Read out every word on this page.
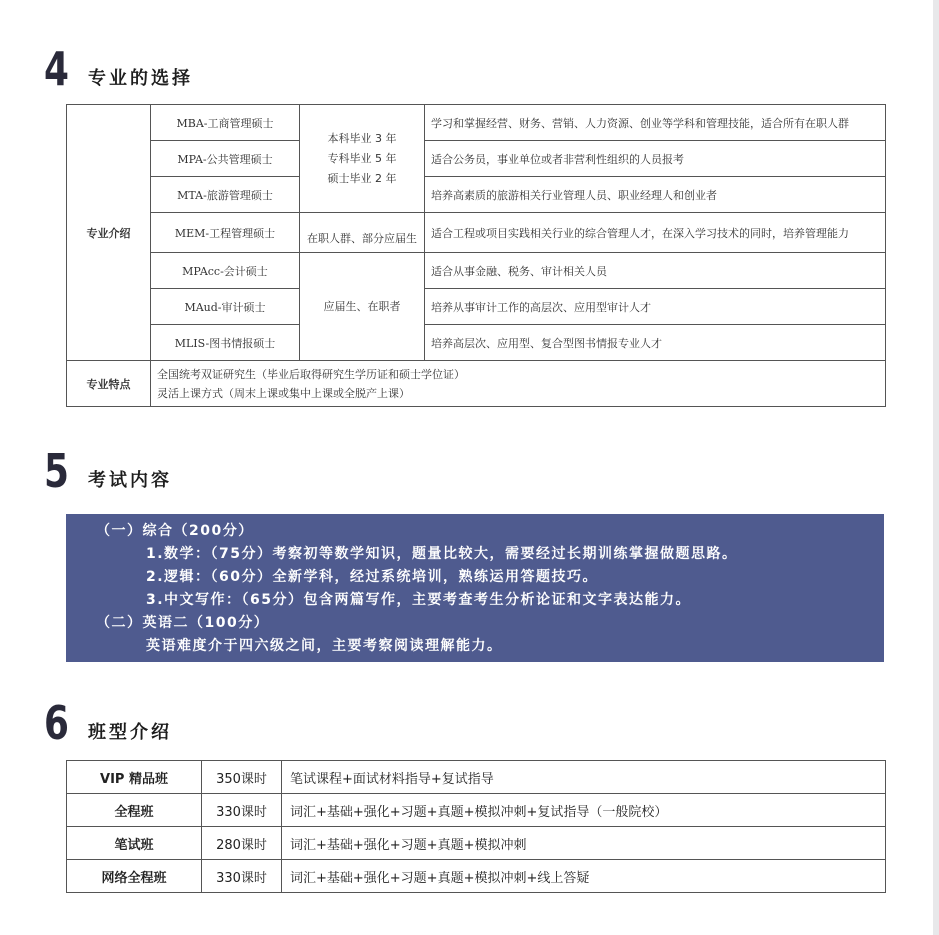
4 专业的选择
专业介绍	MBA-工商管理硕士	本科毕业 3 年
专科毕业 5 年
硕士毕业 2 年	学习和掌握经营、财务、营销、人力资源、创业等学科和管理技能，适合所有在职人群
	MPA-公共管理硕士		适合公务员，事业单位或者非营利性组织的人员报考
	MTA-旅游管理硕士		培养高素质的旅游相关行业管理人员、职业经理人和创业者
	MEM-工程管理硕士	在职人群、部分应届生	适合工程或项目实践相关行业的综合管理人才，在深入学习技术的同时，培养管理能力
	MPAcc-会计硕士	应届生、在职者	适合从事金融、税务、审计相关人员
	MAud-审计硕士		培养从事审计工作的高层次、应用型审计人才
	MLIS-图书情报硕士		培养高层次、应用型、复合型图书情报专业人才
专业特点	全国统考双证研究生（毕业后取得研究生学历证和硕士学位证）
灵活上课方式（周末上课或集中上课或全脱产上课）		
5 考试内容
（一）综合（200分）
1.数学：（75分）考察初等数学知识，题量比较大，需要经过长期训练掌握做题思路。
2.逻辑：（60分）全新学科，经过系统培训，熟练运用答题技巧。
3.中文写作：（65分）包含两篇写作，主要考查考生分析论证和文字表达能力。
（二）英语二（100分）
英语难度介于四六级之间，主要考察阅读理解能力。
6 班型介绍
VIP 精品班	350课时	笔试课程+面试材料指导+复试指导
全程班	330课时	词汇+基础+强化+习题+真题+模拟冲刺+复试指导（一般院校）
笔试班	280课时	词汇+基础+强化+习题+真题+模拟冲刺
网络全程班	330课时	词汇+基础+强化+习题+真题+模拟冲刺+线上答疑
